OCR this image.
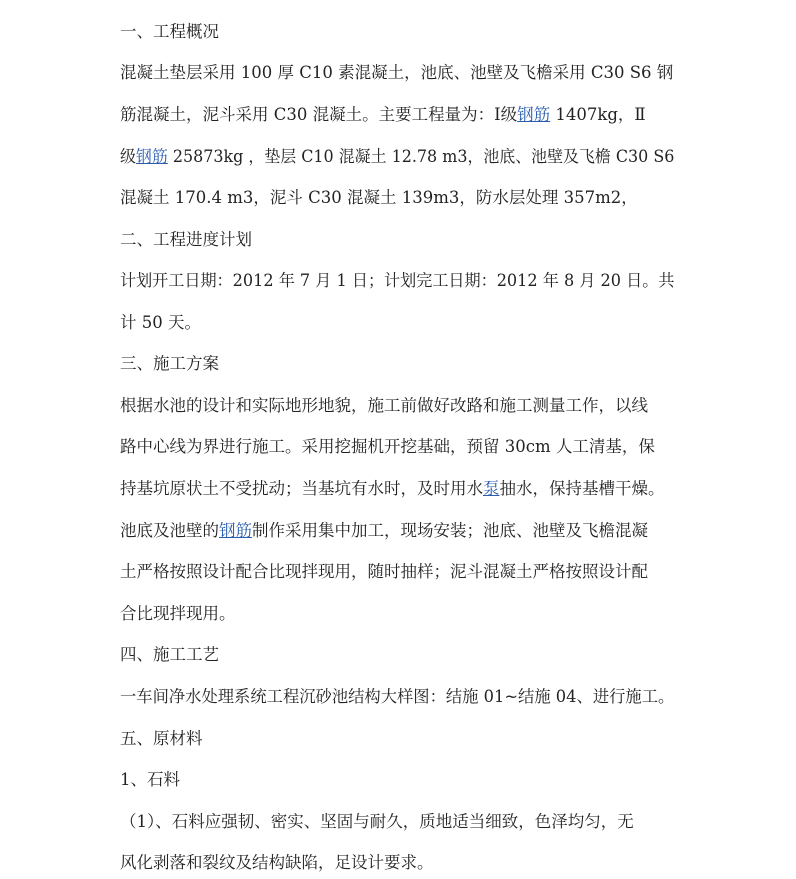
一、工程概况

混凝土垫层采用 100 厚 C10 素混凝土，池底、池壁及飞檐采用 C30 S6 钢

筋混凝土，泥斗采用 C30 混凝土。主要工程量为：Ⅰ级钢筋 1407kg，Ⅱ

级钢筋 25873kg ，垫层 C10 混凝土 12.78 m3，池底、池壁及飞檐 C30 S6

混凝土 170.4 m3，泥斗 C30 混凝土 139m3，防水层处理 357m2，

二、工程进度计划

计划开工日期：2012 年 7 月 1 日；计划完工日期：2012 年 8 月 20 日。共

计 50 天。

三、施工方案

根据水池的设计和实际地形地貌，施工前做好改路和施工测量工作，以线

路中心线为界进行施工。采用挖掘机开挖基础，预留 30cm 人工清基，保

持基坑原状土不受扰动；当基坑有水时，及时用水泵抽水，保持基槽干燥。

池底及池壁的钢筋制作采用集中加工，现场安装；池底、池壁及飞檐混凝

土严格按照设计配合比现拌现用，随时抽样；泥斗混凝土严格按照设计配

合比现拌现用。

四、施工工艺

一车间净水处理系统工程沉砂池结构大样图：结施 01~结施 04、进行施工。

五、原材料

1、石料

（1）、石料应强韧、密实、坚固与耐久，质地适当细致，色泽均匀，无

风化剥落和裂纹及结构缺陷，足设计要求。
